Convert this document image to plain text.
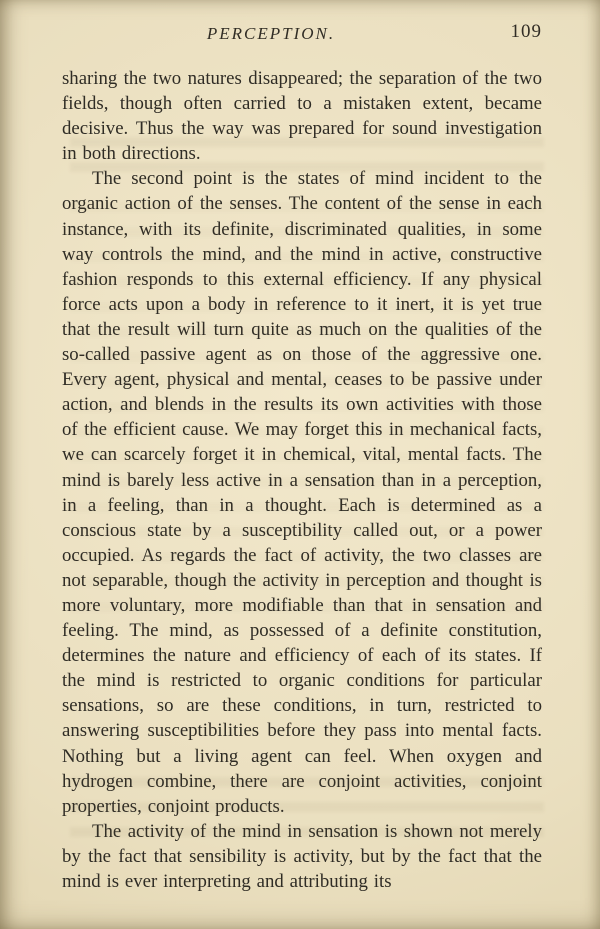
PERCEPTION.	109

sharing the two natures disappeared; the separation of the two fields, though often carried to a mistaken extent, became decisive. Thus the way was prepared for sound investigation in both directions.

The second point is the states of mind incident to the organic action of the senses. The content of the sense in each instance, with its definite, discriminated qualities, in some way controls the mind, and the mind in active, constructive fashion responds to this external efficiency. If any physical force acts upon a body in reference to it inert, it is yet true that the result will turn quite as much on the qualities of the so-called passive agent as on those of the aggressive one. Every agent, physical and mental, ceases to be passive under action, and blends in the results its own activities with those of the efficient cause. We may forget this in mechanical facts, we can scarcely forget it in chemical, vital, mental facts. The mind is barely less active in a sensation than in a perception, in a feeling, than in a thought. Each is determined as a conscious state by a susceptibility called out, or a power occupied. As regards the fact of activity, the two classes are not separable, though the activity in perception and thought is more voluntary, more modifiable than that in sensation and feeling. The mind, as possessed of a definite constitution, determines the nature and efficiency of each of its states. If the mind is restricted to organic conditions for particular sensations, so are these conditions, in turn, restricted to answering susceptibilities before they pass into mental facts. Nothing but a living agent can feel. When oxygen and hydrogen combine, there are conjoint activities, conjoint properties, conjoint products.

The activity of the mind in sensation is shown not merely by the fact that sensibility is activity, but by the fact that the mind is ever interpreting and attributing its
